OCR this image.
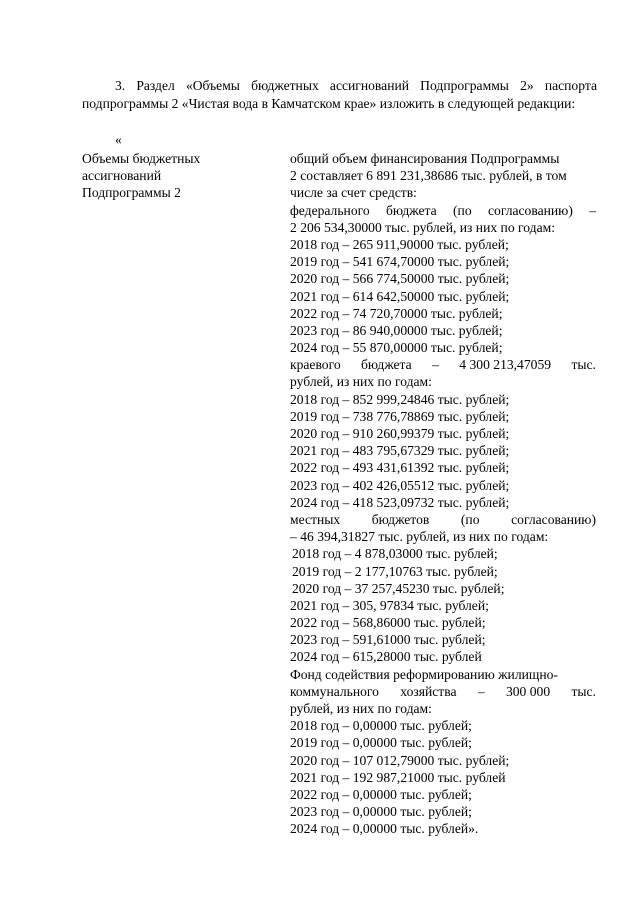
3. Раздел «Объемы бюджетных ассигнований Подпрограммы 2» паспорта подпрограммы 2 «Чистая вода в Камчатском крае» изложить в следующей редакции:

«
Объемы бюджетных
ассигнований
Подпрограммы 2
общий объем финансирования Подпрограммы
2 составляет 6 891 231,38686 тыс. рублей, в том
числе за счет средств:
федерального бюджета (по согласованию) –
2 206 534,30000 тыс. рублей, из них по годам:
2018 год – 265 911,90000 тыс. рублей;
2019 год – 541 674,70000 тыс. рублей;
2020 год – 566 774,50000 тыс. рублей;
2021 год – 614 642,50000 тыс. рублей;
2022 год – 74 720,70000 тыс. рублей;
2023 год – 86 940,00000 тыс. рублей;
2024 год – 55 870,00000 тыс. рублей;
краевого бюджета – 4 300 213,47059 тыс.
рублей, из них по годам:
2018 год – 852 999,24846 тыс. рублей;
2019 год – 738 776,78869 тыс. рублей;
2020 год – 910 260,99379 тыс. рублей;
2021 год – 483 795,67329 тыс. рублей;
2022 год – 493 431,61392 тыс. рублей;
2023 год – 402 426,05512 тыс. рублей;
2024 год – 418 523,09732 тыс. рублей;
местных бюджетов (по согласованию)
– 46 394,31827 тыс. рублей, из них по годам:
2018 год – 4 878,03000 тыс. рублей;
2019 год – 2 177,10763 тыс. рублей;
2020 год – 37 257,45230 тыс. рублей;
2021 год – 305, 97834 тыс. рублей;
2022 год – 568,86000 тыс. рублей;
2023 год – 591,61000 тыс. рублей;
2024 год – 615,28000 тыс. рублей
Фонд содействия реформированию жилищно-
коммунального хозяйства – 300 000 тыс.
рублей, из них по годам:
2018 год – 0,00000 тыс. рублей;
2019 год – 0,00000 тыс. рублей;
2020 год – 107 012,79000 тыс. рублей;
2021 год – 192 987,21000 тыс. рублей
2022 год – 0,00000 тыс. рублей;
2023 год – 0,00000 тыс. рублей;
2024 год – 0,00000 тыс. рублей».
